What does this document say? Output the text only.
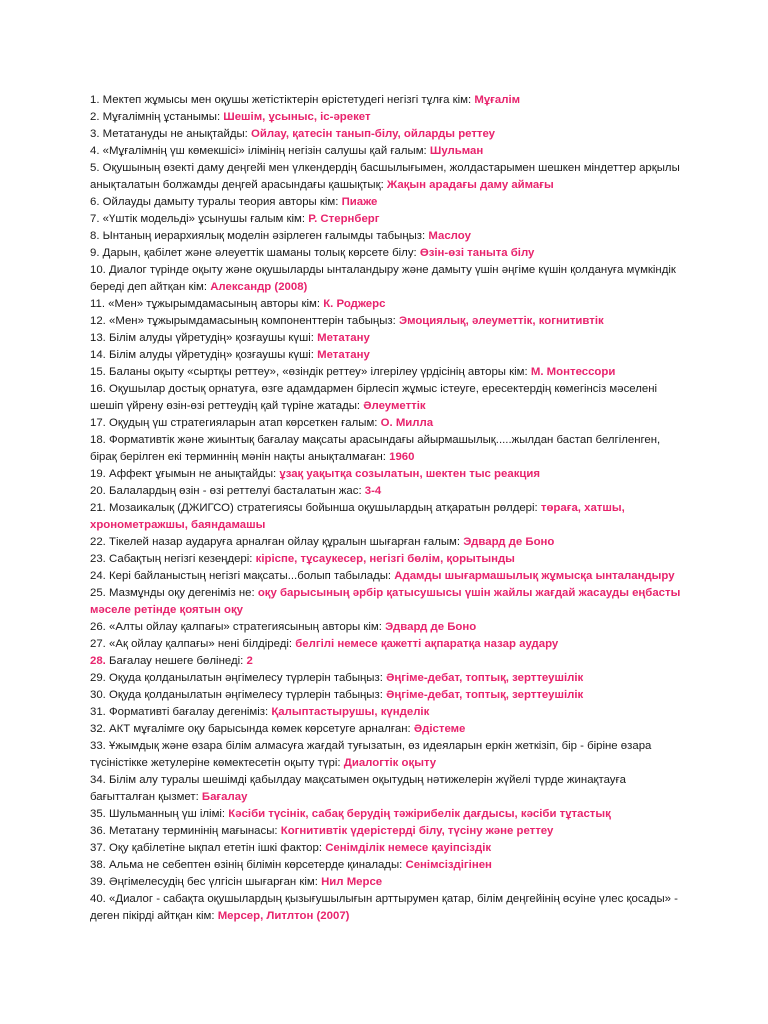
1. Мектеп жұмысы мен оқушы жетістіктерін өрістетудегі негізгі тұлға кім: Мұғалім

2. Мұғалімнің ұстанымы: Шешім, ұсыныс, іс-әрекет

3. Метатануды не анықтайды: Ойлау, қатесін танып-білу, ойларды реттеу

4. «Мұғалімнің үш көмекшісі» ілімінің негізін салушы қай ғалым: Шульман

5. Оқушының өзекті даму деңгейі мен үлкендердің басшылығымен, жолдастарымен шешкен міндеттер арқылы анықталатын болжамды деңгей арасындағы қашықтық: Жақын арадағы даму аймағы

6. Ойлауды дамыту туралы теория авторы кім: Пиаже

7. «Үштік модельді» ұсынушы ғалым кім: Р. Стернберг

8. Ынтаның иерархиялық моделін әзірлеген ғалымды табыңыз: Маслоу

9. Дарын, қабілет және әлеуеттік шаманы толық көрсете білу: Өзін-өзі таныта білу

10. Диалог түрінде оқыту және оқушыларды ынталандыру және дамыту үшін әңгіме күшін қолдануға мүмкіндік береді деп айтқан кім: Александр (2008)

11. «Мен» тұжырымдамасының авторы кім: К. Роджерс

12. «Мен» тұжырымдамасының компоненттерін табыңыз: Эмоциялық, әлеуметтік, когнитивтік

13. Білім алуды үйретудің» қозғаушы күші: Метатану

14. Білім алуды үйретудің» қозғаушы күші: Метатану

15. Баланы оқыту «сыртқы реттеу», «өзіндік реттеу» ілгерілеу үрдісінің авторы кім: М. Монтессори

16. Оқушылар достық орнатуға, өзге адамдармен бірлесіп жұмыс істеуге, ересектердің көмегінсіз мәселені шешіп үйрену өзін-өзі реттеудің қай түріне жатады: Әлеуметтік

17. Оқудың үш стратегияларын атап көрсеткен ғалым: О. Милла

18. Формативтік және жиынтық бағалау мақсаты арасындағы айырмашылық.....жылдан бастап белгіленген, бірақ берілген екі терминнің мәнін нақты анықталмаған: 1960

19. Аффект ұғымын не анықтайды: ұзақ уақытқа созылатын, шектен тыс реакция

20. Балалардың өзін - өзі реттелуі басталатын жас: 3-4

21. Мозаикалық (ДЖИГСО) стратегиясы бойынша оқушылардың атқаратын рөлдері: төраға, хатшы, хронометражшы, баяндамашы

22. Тікелей назар аударуға арналған ойлау құралын шығарған ғалым: Эдвард де Боно

23. Сабақтың негізгі кезеңдері: кіріспе, тұсаукесер, негізгі бөлім, қорытынды

24. Кері байланыстың негізгі мақсаты...болып табылады: Адамды шығармашылық жұмысқа ынталандыру

25. Мазмұнды оқу дегеніміз не: оқу барысының әрбір қатысушысы үшін жайлы жағдай жасауды еңбасты мәселе ретінде қоятын оқу

26. «Алты ойлау қалпағы» стратегиясының авторы кім: Эдвард де Боно

27. «Ақ ойлау қалпағы» нені білдіреді: белгілі немесе қажетті ақпаратқа назар аудару

28. Бағалау нешеге бөлінеді: 2

29. Оқуда қолданылатын әңгімелесу түрлерін табыңыз: Әңгіме-дебат, топтық, зерттеушілік

30. Оқуда қолданылатын әңгімелесу түрлерін табыңыз: Әңгіме-дебат, топтық, зерттеушілік

31. Формативті бағалау дегеніміз: Қалыптастырушы, күнделік

32. АКТ мұғалімге оқу барысында көмек көрсетуге арналған: Әдістеме

33. Ұжымдық және өзара білім алмасуға жағдай туғызатын, өз идеяларын еркін жеткізіп, бір - біріне өзара түсіністікке жетулеріне көмектесетін оқыту түрі: Диалогтік оқыту

34. Білім алу туралы шешімді қабылдау мақсатымен оқытудың нәтижелерін жүйелі түрде жинақтауға бағытталған қызмет: Бағалау

35. Шульманның үш ілімі: Кәсіби түсінік, сабақ берудің тәжірибелік дағдысы, кәсіби тұтастық

36. Метатану терминінің мағынасы: Когнитивтік үдерістерді білу, түсіну және реттеу

37. Оқу қабілетіне ықпал ететін ішкі фактор: Сенімділік немесе қауіпсіздік

38. Альма не себептен өзінің білімін көрсетерде қиналады: Сенімсіздігінен

39. Әңгімелесудің бес үлгісін шығарған кім: Нил Мерсе

40. «Диалог - сабақта оқушылардың қызығушылығын арттырумен қатар, білім деңгейінің өсуіне үлес қосады» - деген пікірді айтқан кім: Мерсер, Литлтон (2007)
